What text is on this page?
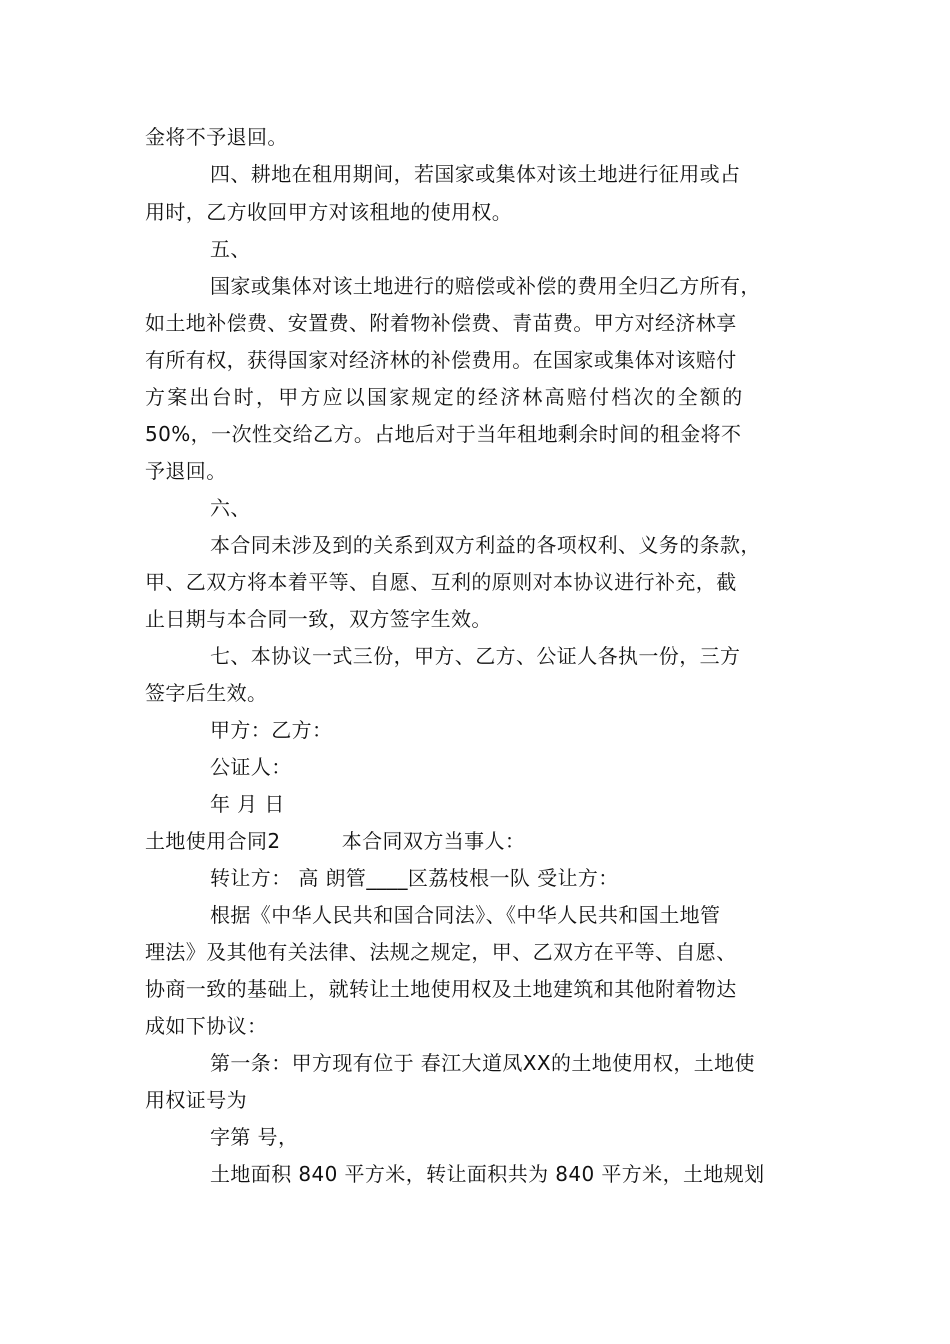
金将不予退回。
四、耕地在租用期间，若国家或集体对该土地进行征用或占
用时，乙方收回甲方对该租地的使用权。
五、
国家或集体对该土地进行的赔偿或补偿的费用全归乙方所有，
如土地补偿费、安置费、附着物补偿费、青苗费。甲方对经济林享
有所有权，获得国家对经济林的补偿费用。在国家或集体对该赔付
方案出台时，甲方应以国家规定的经济林高赔付档次的全额的
50%，一次性交给乙方。占地后对于当年租地剩余时间的租金将不
予退回。
六、
本合同未涉及到的关系到双方利益的各项权利、义务的条款，
甲、乙双方将本着平等、自愿、互利的原则对本协议进行补充，截
止日期与本合同一致，双方签字生效。
七、本协议一式三份，甲方、乙方、公证人各执一份，三方
签字后生效。
甲方：乙方：
公证人：
年 月 日
土地使用合同2　　　本合同双方当事人：
转让方： 高 朗管____区荔枝根一队 受让方：
根据《中华人民共和国合同法》、《中华人民共和国土地管
理法》及其他有关法律、法规之规定，甲、乙双方在平等、自愿、
协商一致的基础上，就转让土地使用权及土地建筑和其他附着物达
成如下协议：
第一条：甲方现有位于 春江大道凤XX的土地使用权，土地使
用权证号为
字第 号，
土地面积 840 平方米，转让面积共为 840 平方米，土地规划
